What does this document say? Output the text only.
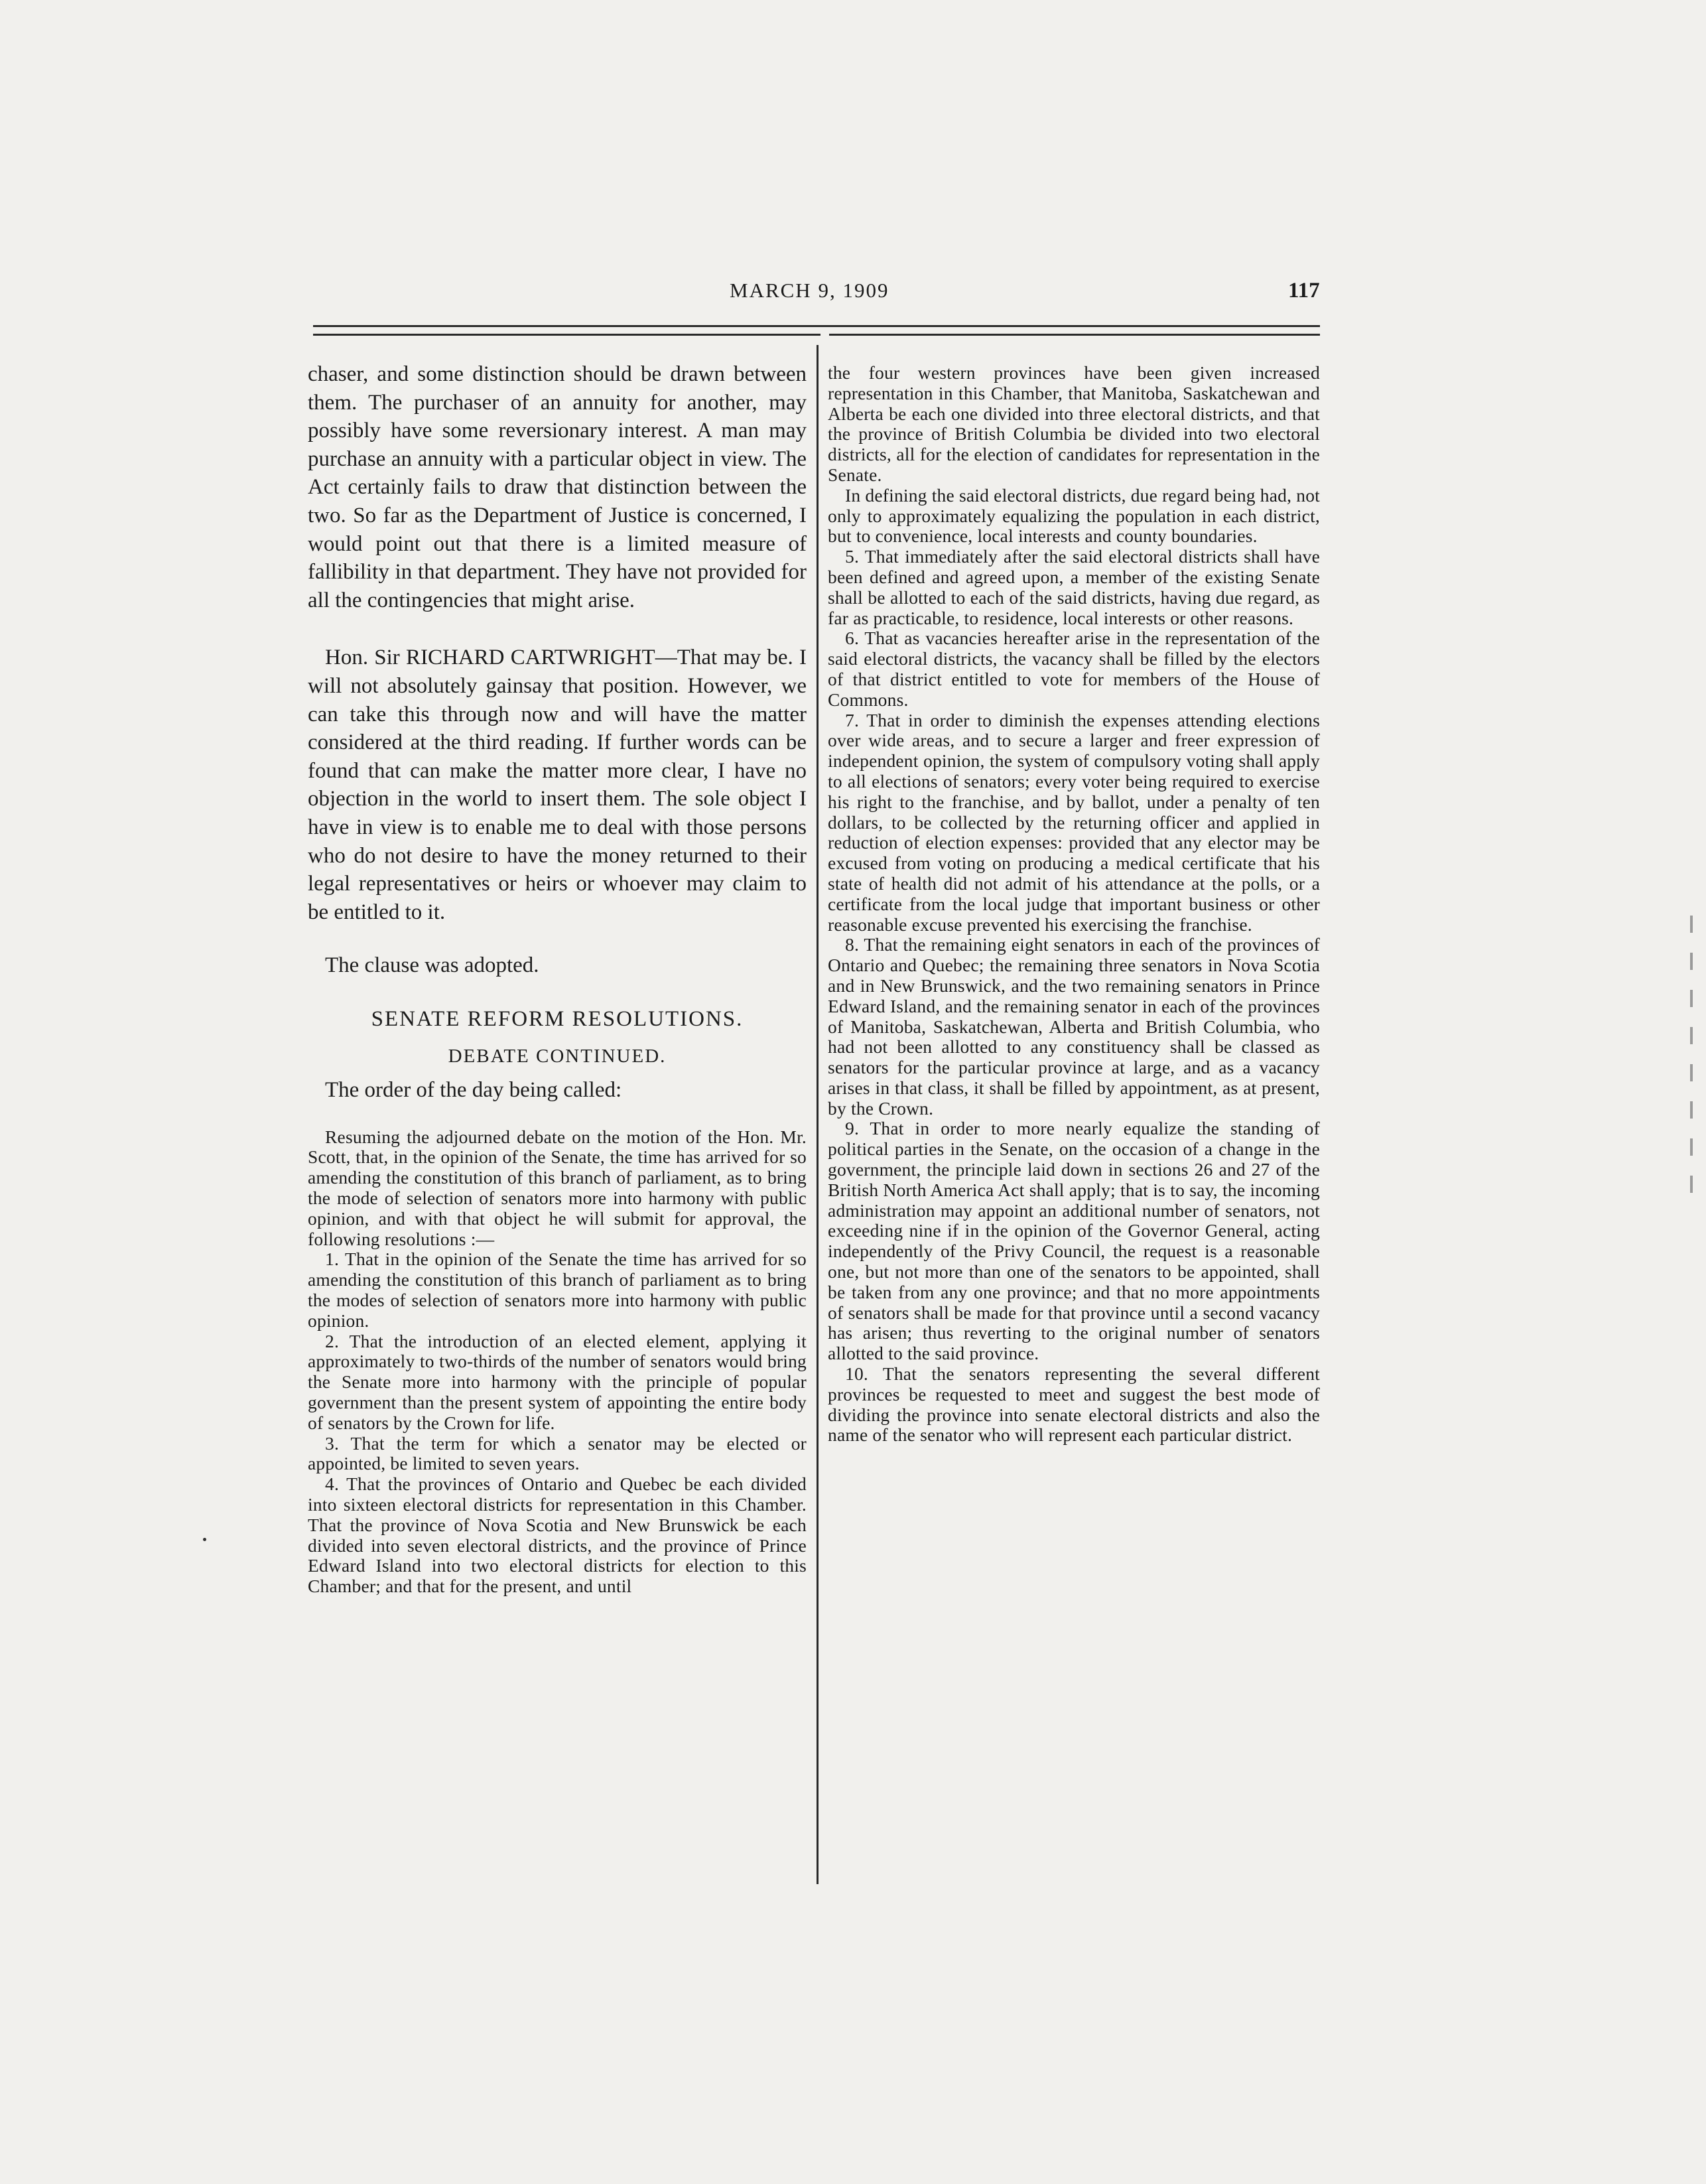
MARCH 9, 1909	117

chaser, and some distinction should be drawn between them. The purchaser of an annuity for another, may possibly have some reversionary interest. A man may purchase an annuity with a particular object in view. The Act certainly fails to draw that distinction between the two. So far as the Department of Justice is concerned, I would point out that there is a limited measure of fallibility in that department. They have not provided for all the contingencies that might arise.

Hon. Sir RICHARD CARTWRIGHT—That may be. I will not absolutely gainsay that position. However, we can take this through now and will have the matter considered at the third reading. If further words can be found that can make the matter more clear, I have no objection in the world to insert them. The sole object I have in view is to enable me to deal with those persons who do not desire to have the money returned to their legal representatives or heirs or whoever may claim to be entitled to it.

The clause was adopted.

SENATE REFORM RESOLUTIONS.

DEBATE CONTINUED.

The order of the day being called:

Resuming the adjourned debate on the motion of the Hon. Mr. Scott, that, in the opinion of the Senate, the time has arrived for so amending the constitution of this branch of parliament, as to bring the mode of selection of senators more into harmony with public opinion, and with that object he will submit for approval, the following resolutions :—

1. That in the opinion of the Senate the time has arrived for so amending the constitution of this branch of parliament as to bring the modes of selection of senators more into harmony with public opinion.

2. That the introduction of an elected element, applying it approximately to two-thirds of the number of senators would bring the Senate more into harmony with the principle of popular government than the present system of appointing the entire body of senators by the Crown for life.

3. That the term for which a senator may be elected or appointed, be limited to seven years.

4. That the provinces of Ontario and Quebec be each divided into sixteen electoral districts for representation in this Chamber. That the province of Nova Scotia and New Brunswick be each divided into seven electoral districts, and the province of Prince Edward Island into two electoral districts for election to this Chamber; and that for the present, and until

the four western provinces have been given increased representation in this Chamber, that Manitoba, Saskatchewan and Alberta be each one divided into three electoral districts, and that the province of British Columbia be divided into two electoral districts, all for the election of candidates for representation in the Senate.

In defining the said electoral districts, due regard being had, not only to approximately equalizing the population in each district, but to convenience, local interests and county boundaries.

5. That immediately after the said electoral districts shall have been defined and agreed upon, a member of the existing Senate shall be allotted to each of the said districts, having due regard, as far as practicable, to residence, local interests or other reasons.

6. That as vacancies hereafter arise in the representation of the said electoral districts, the vacancy shall be filled by the electors of that district entitled to vote for members of the House of Commons.

7. That in order to diminish the expenses attending elections over wide areas, and to secure a larger and freer expression of independent opinion, the system of compulsory voting shall apply to all elections of senators; every voter being required to exercise his right to the franchise, and by ballot, under a penalty of ten dollars, to be collected by the returning officer and applied in reduction of election expenses: provided that any elector may be excused from voting on producing a medical certificate that his state of health did not admit of his attendance at the polls, or a certificate from the local judge that important business or other reasonable excuse prevented his exercising the franchise.

8. That the remaining eight senators in each of the provinces of Ontario and Quebec; the remaining three senators in Nova Scotia and in New Brunswick, and the two remaining senators in Prince Edward Island, and the remaining senator in each of the provinces of Manitoba, Saskatchewan, Alberta and British Columbia, who had not been allotted to any constituency shall be classed as senators for the particular province at large, and as a vacancy arises in that class, it shall be filled by appointment, as at present, by the Crown.

9. That in order to more nearly equalize the standing of political parties in the Senate, on the occasion of a change in the government, the principle laid down in sections 26 and 27 of the British North America Act shall apply; that is to say, the incoming administration may appoint an additional number of senators, not exceeding nine if in the opinion of the Governor General, acting independently of the Privy Council, the request is a reasonable one, but not more than one of the senators to be appointed, shall be taken from any one province; and that no more appointments of senators shall be made for that province until a second vacancy has arisen; thus reverting to the original number of senators allotted to the said province.

10. That the senators representing the several different provinces be requested to meet and suggest the best mode of dividing the province into senate electoral districts and also the name of the senator who will represent each particular district.
